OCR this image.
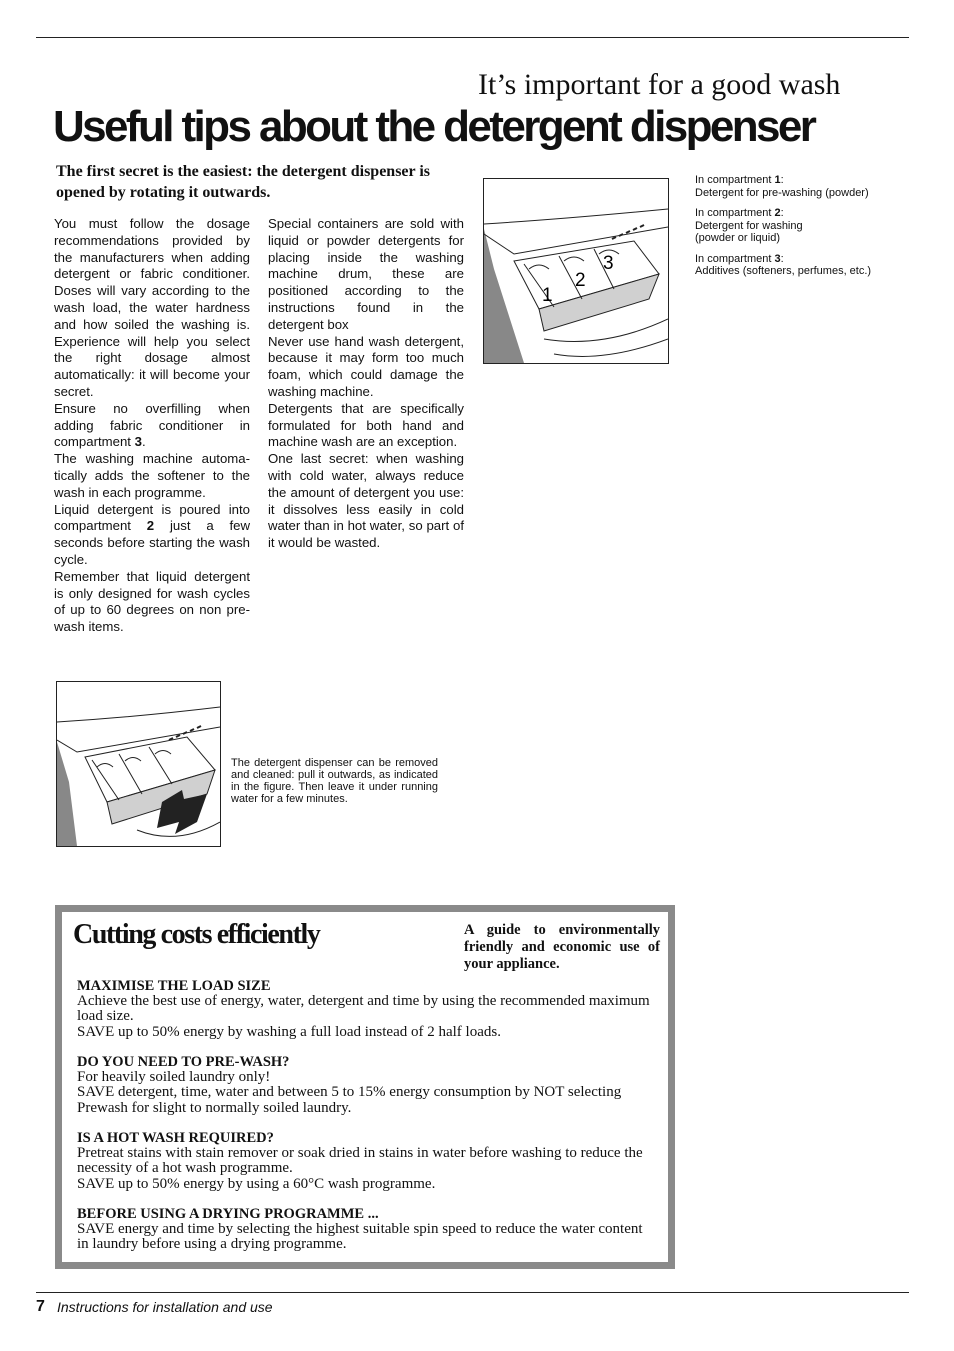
It’s important for a good wash
Useful tips about the detergent dispenser
The first secret is the easiest: the detergent dispenser is opened by rotating it outwards.

You must follow the dosage recommendations provided by the manufacturers when adding detergent or fabric conditioner. Doses will vary according to the wash load, the water hardness and how soiled the washing is. Experience will help you select the right dosage almost automatically: it will become your secret.

Ensure no overfilling when adding fabric conditioner in compartment 3.

The washing machine automa-tically adds the softener to the wash in each programme.

Liquid detergent is poured into compartment 2 just a few seconds before starting the wash cycle.

Remember that liquid detergent is only designed for wash cycles of up to 60 degrees on non pre-wash items.

Special containers are sold with liquid or powder detergents for placing inside the washing machine drum, these are positioned according to the instructions found in the detergent box

Never use hand wash detergent, because it may form too much foam, which could damage the washing machine.

Detergents that are specifically formulated for both hand and machine wash are an exception.

One last secret: when washing with cold water, always reduce the amount of detergent you use: it dissolves less easily in cold water than in hot water, so part of it would be wasted.

1
2
3

In compartment 1:
Detergent for pre-washing (powder)

In compartment 2:
Detergent for washing
(powder or liquid)

In compartment 3:
Additives (softeners, perfumes, etc.)

The detergent dispenser can be removed and cleaned: pull it outwards, as indicated in the figure. Then leave it under running water for a few minutes.
Cutting costs efficiently	A guide to environmentally friendly and economic use of your appliance.
MAXIMISE THE LOAD SIZE

Achieve the best use of energy, water, detergent and time by using the recommended maximum load size.

SAVE up to 50% energy by washing a full load instead of 2 half loads.

DO YOU NEED TO PRE-WASH?

For heavily soiled laundry only!

SAVE detergent, time, water and between 5 to 15% energy consumption by NOT selecting Prewash for slight to normally soiled laundry.

IS A HOT WASH REQUIRED?

Pretreat stains with stain remover or soak dried in stains in water before washing to reduce the necessity of a hot wash programme.

SAVE up to 50% energy by using a 60°C wash programme.

BEFORE USING A DRYING PROGRAMME ...

SAVE energy and time by selecting the highest suitable spin speed to reduce the water content in laundry before using a drying programme.

7 Instructions for installation and use
